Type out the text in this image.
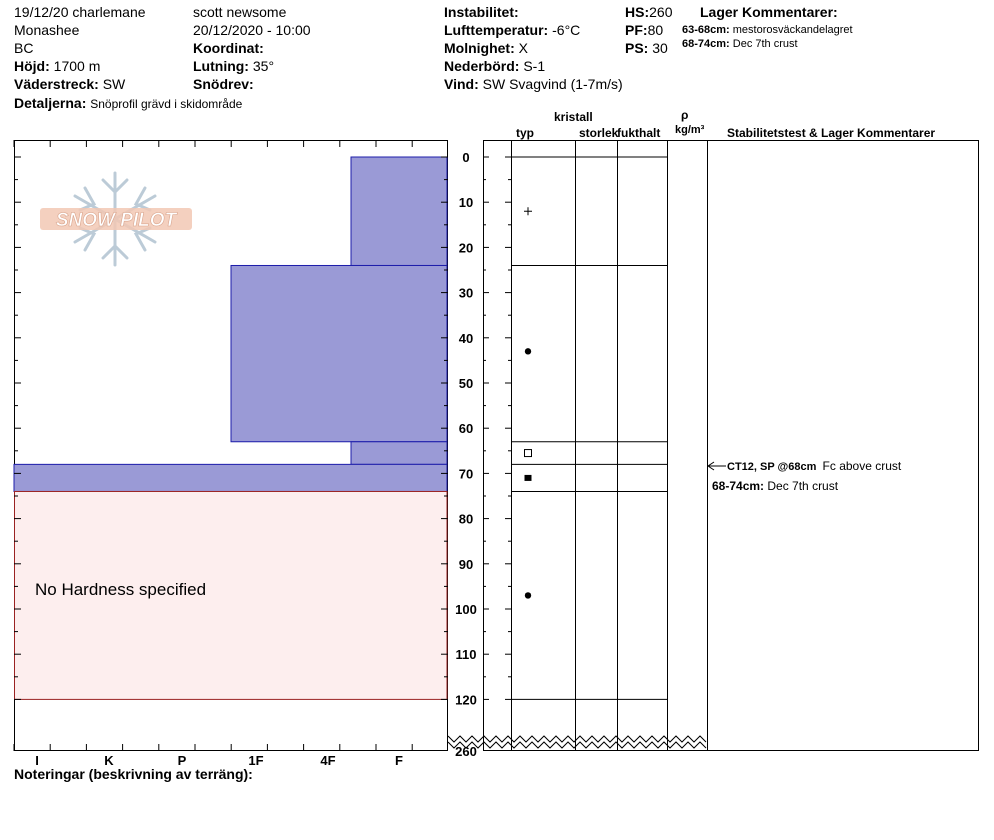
19/12/20 charlemane
Monashee
BC
Höjd: 1700 m
Väderstreck: SW
Detaljerna: Snöprofil grävd i skidområde
scott newsome
20/12/2020 - 10:00
Koordinat:
Lutning: 35°
Snödrev:
Instabilitet:
Lufttemperatur: -6°C
Molnighet: X
Nederbörd: S-1
Vind: SW Svagvind (1-7m/s)
HS:260
PF:80
PS: 30
Lager Kommentarer:
63-68cm: mestorosväckandelagret
68-74cm: Dec 7th crust
kristall
typ	storlek
fukthalt
ρ
kg/m³ Stabilitetstest & Lager Kommentarer
0
10
20
30
40
50
60
70
80
90
100
110
120
260
I	K	P	1F	4F	F
SNOW PILOT
No Hardness specified
CT12, SP @68cm Fc above crust
68-74cm: Dec 7th crust
Noteringar (beskrivning av terräng):
